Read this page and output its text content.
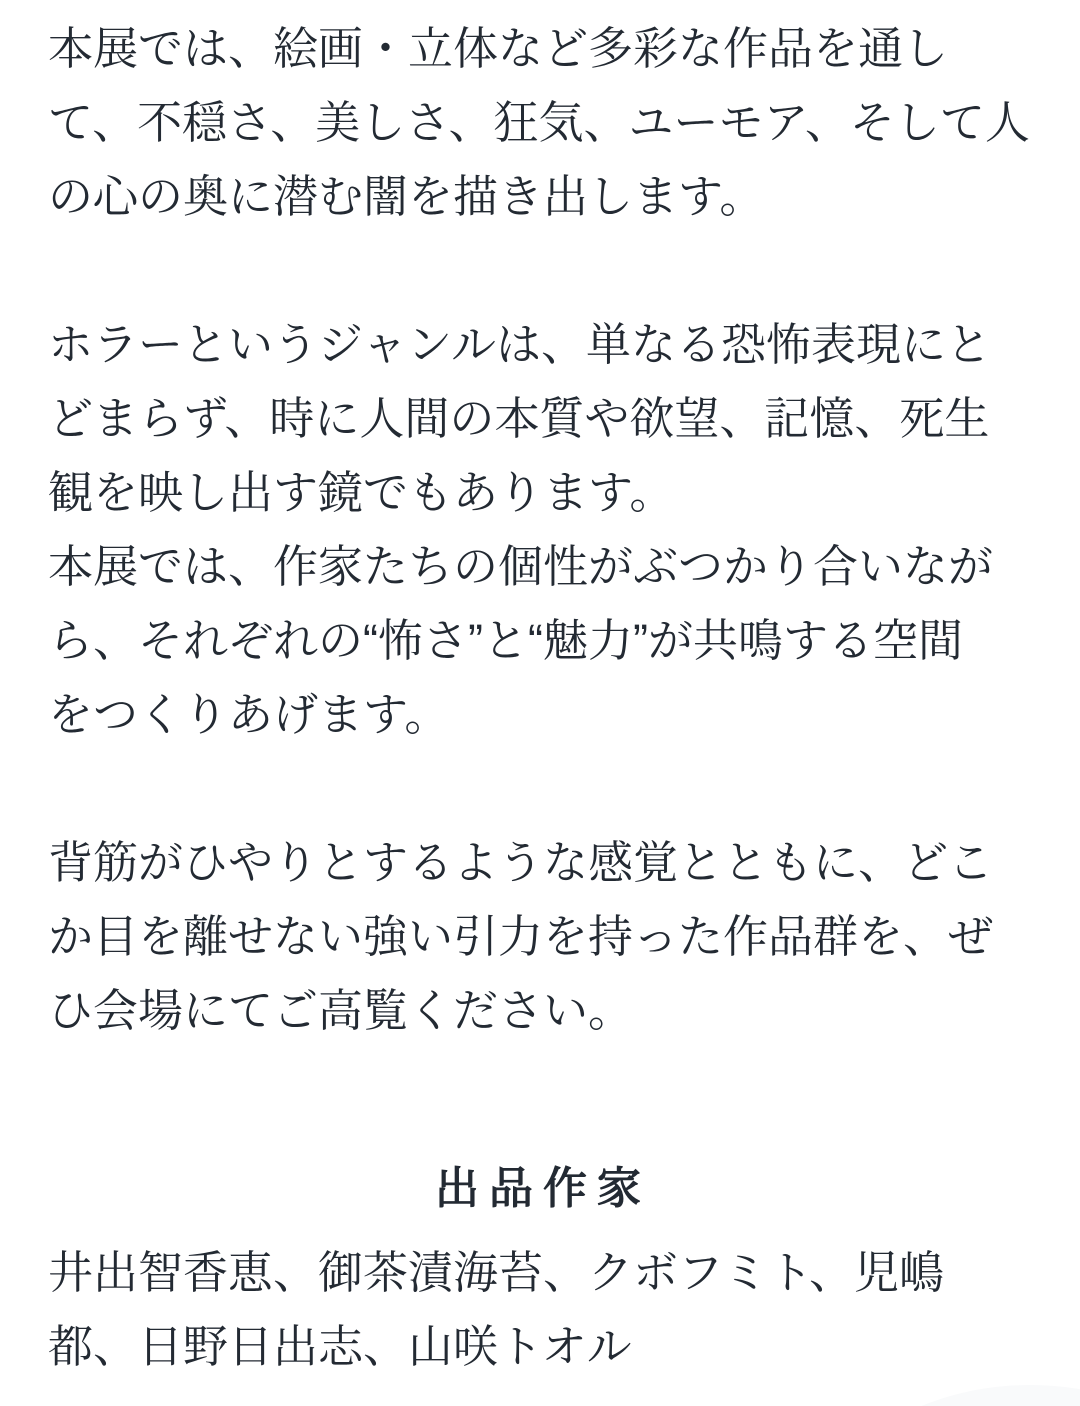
本展では、絵画・立体など多彩な作品を通し
て、不穏さ、美しさ、狂気、ユーモア、そして人
の心の奥に潜む闇を描き出します。
ホラーというジャンルは、単なる恐怖表現にと
どまらず、時に人間の本質や欲望、記憶、死生
観を映し出す鏡でもあります。
本展では、作家たちの個性がぶつかり合いなが
ら、それぞれの“怖さ”と“魅力”が共鳴する空間
をつくりあげます。
背筋がひやりとするような感覚とともに、どこ
か目を離せない強い引力を持った作品群を、ぜ
ひ会場にてご高覧ください。
出品作家
井出智香恵、御茶漬海苔、クボフミト、児嶋
都、日野日出志、山咲トオル
